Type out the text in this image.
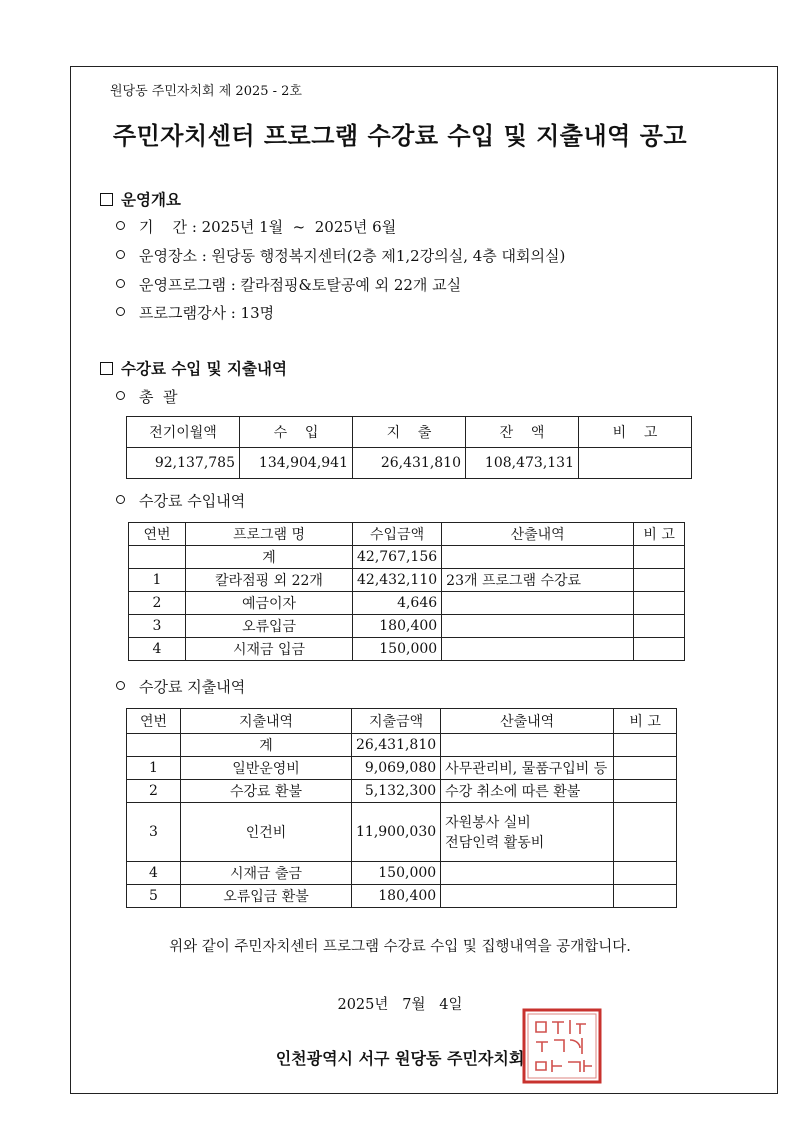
원당동 주민자치회 제 2025 - 2호
주민자치센터 프로그램 수강료 수입 및 지출내역 공고
운영개요
기    간 : 2025년 1월  ~  2025년 6월
운영장소 : 원당동 행정복지센터(2층 제1,2강의실, 4층 대회의실)
운영프로그램 : 칼라점핑&토탈공예 외 22개 교실
프로그램강사 : 13명
수강료 수입 및 지출내역
총  괄
전기이월액	수    입	지    출	잔    액	비    고
92,137,785	134,904,941	26,431,810	108,473,131	
수강료 수입내역
연번	프로그램 명	수입금액	산출내역	비 고
	계	42,767,156		
1	칼라점핑 외 22개	42,432,110	23개 프로그램 수강료	
2	예금이자	4,646		
3	오류입금	180,400		
4	시재금 입금	150,000		
수강료 지출내역
연번	지출내역	지출금액	산출내역	비 고
	계	26,431,810		
1	일반운영비	9,069,080	사무관리비, 물품구입비 등	
2	수강료 환불	5,132,300	수강 취소에 따른 환불	
3	인건비	11,900,030	자원봉사 실비
전담인력 활동비	

4	시재금 출금	150,000		
5	오류입금 환불	180,400		
위와 같이 주민자치센터 프로그램 수강료 수입 및 집행내역을 공개합니다.
2025년   7월   4일
인천광역시 서구 원당동 주민자치회
